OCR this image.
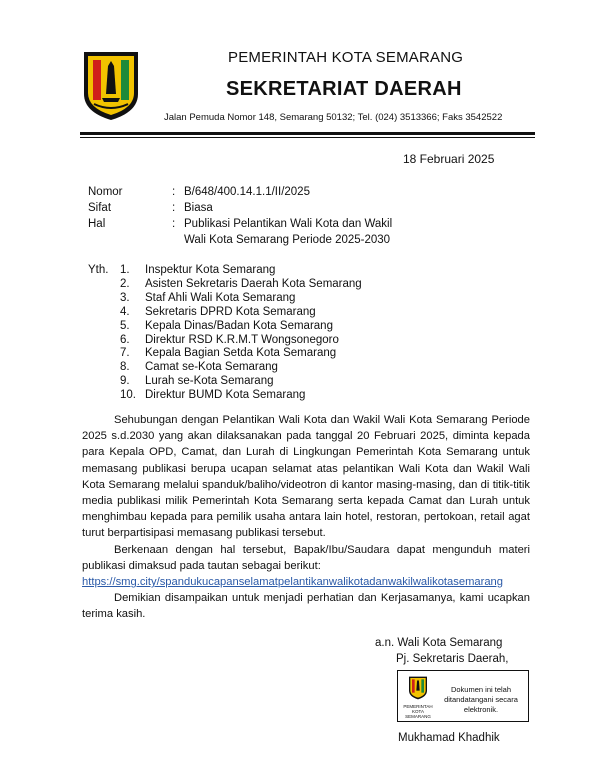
PEMERINTAH KOTA SEMARANG
SEKRETARIAT DAERAH
Jalan Pemuda Nomor 148, Semarang 50132; Tel. (024) 3513366; Faks 3542522
18 Februari 2025
Nomor	: B/648/400.14.1.1/II/2025
Sifat	: Biasa
Hal	: Publikasi Pelantikan Wali Kota dan Wakil
Wali Kota Semarang Periode 2025-2030
Yth. 1.	Inspektur Kota Semarang
2.	Asisten Sekretaris Daerah Kota Semarang
3.	Staf Ahli Wali Kota Semarang
4.	Sekretaris DPRD Kota Semarang
5.	Kepala Dinas/Badan Kota Semarang
6.	Direktur RSD K.R.M.T Wongsonegoro
7.	Kepala Bagian Setda Kota Semarang
8.	Camat se-Kota Semarang
9.	Lurah se-Kota Semarang
10. Direktur BUMD Kota Semarang

Sehubungan dengan Pelantikan Wali Kota dan Wakil Wali Kota Semarang Periode 2025 s.d.2030 yang akan dilaksanakan pada tanggal 20 Februari 2025, diminta kepada para Kepala OPD, Camat, dan Lurah di Lingkungan Pemerintah Kota Semarang untuk memasang publikasi berupa ucapan selamat atas pelantikan Wali Kota dan Wakil Wali Kota Semarang melalui spanduk/baliho/videotron di kantor masing-masing, dan di titik-titik media publikasi milik Pemerintah Kota Semarang serta kepada Camat dan Lurah untuk menghimbau kepada para pemilik usaha antara lain hotel, restoran, pertokoan, retail agat turut berpartisipasi memasang publikasi tersebut.

Berkenaan dengan hal tersebut, Bapak/Ibu/Saudara dapat mengunduh materi publikasi dimaksud pada tautan sebagai berikut:

https://smg.city/spandukucapanselamatpelantikanwalikotadanwakilwalikotasemarang

Demikian disampaikan untuk menjadi perhatian dan Kerjasamanya, kami ucapkan terima kasih.

a.n. Wali Kota Semarang
Pj. Sekretaris Daerah,
PEMERINTAH KOTA SEMARANG
Dokumen ini telah ditandatangani secara elektronik.
Mukhamad Khadhik
